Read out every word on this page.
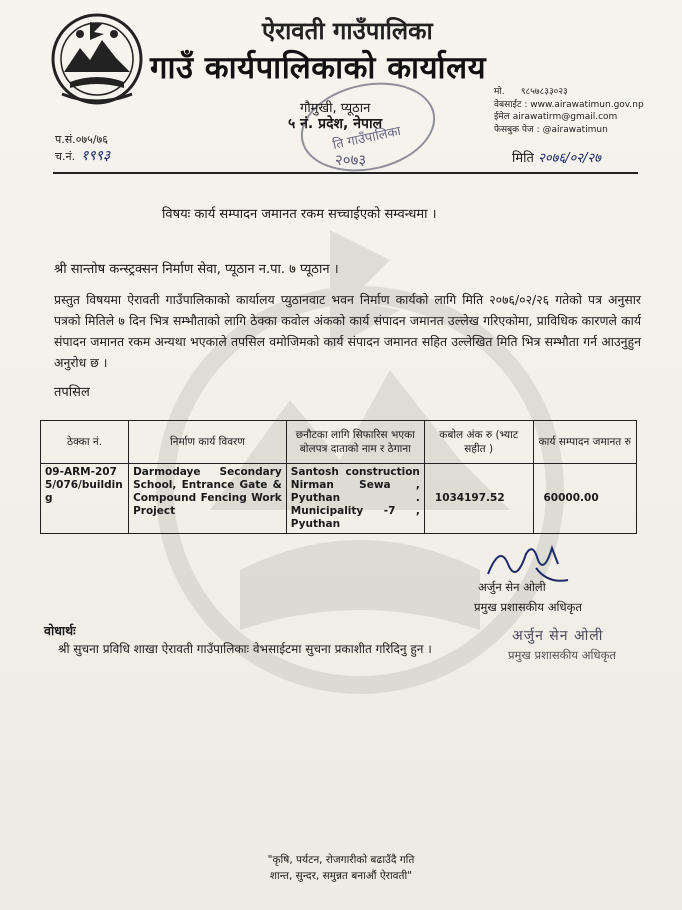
ऐरावती गाउँपालिका
गाउँ कार्यपालिकाको कार्यालय
गौमुखी, प्यूठान
५ नं. प्रदेश, नेपाल
ति गाउँपालिका
२०७३
मो. ९८५७८३३०२३
वेबसाईट : www.airawatimun.gov.np
ईमेल airawatirm@gmail.com
फेसबुक पेज : @airawatimun
प.सं.०७५/७६
च.नं. १९९३	मिति २०७६/०२/२७
विषयः कार्य सम्पादन जमानत रकम सच्चाईएको सम्वन्धमा ।
श्री सान्तोष कन्स्ट्रक्सन निर्माण सेवा, प्यूठान न.पा. ७ प्यूठान ।
प्रस्तुत विषयमा ऐरावती गाउँपालिकाको कार्यालय प्युठानवाट भवन निर्माण कार्यको लागि मिति २०७६/०२/२६ गतेको पत्र अनुसार पत्रको मितिले ७ दिन भित्र सम्भौताको लागि ठेक्का कवोल अंकको कार्य संपादन जमानत उल्लेख गरिएकोमा, प्राविधिक कारणले कार्य संपादन जमानत रकम अन्यथा भएकाले तपसिल वमोजिमको कार्य संपादन जमानत सहित उल्लेखित मिति भित्र सम्भौता गर्न आउनुहुन अनुरोध छ ।
तपसिल
ठेक्का नं.	निर्माण कार्य विवरण	छनौटका लागि सिफारिस भएका बोलपत्र दाताको नाम र ठेगाना	कबोल अंक रु (भ्याट सहीत )	कार्य सम्पादन जमानत रु
09-ARM-2075/076/building	Darmodaye Secondary School, Entrance Gate & Compound Fencing Work Project	Santosh construction Nirman Sewa , Pyuthan . Municipality -7 , Pyuthan	1034197.52	60000.00
अर्जुन सेन ओली
प्रमुख प्रशासकीय अधिकृत
वोधार्थः
श्री सुचना प्रविधि शाखा ऐरावती गाउँपालिकाः वेभसाईटमा सुचना प्रकाशीत गरिदिनु हुन ।
अर्जुन सेन ओली
प्रमुख प्रशासकीय अधिकृत
"कृषि, पर्यटन, रोजगारीको बढाउँदै गति
शान्त, सुन्दर, समुन्नत बनाऔं ऐरावती"
